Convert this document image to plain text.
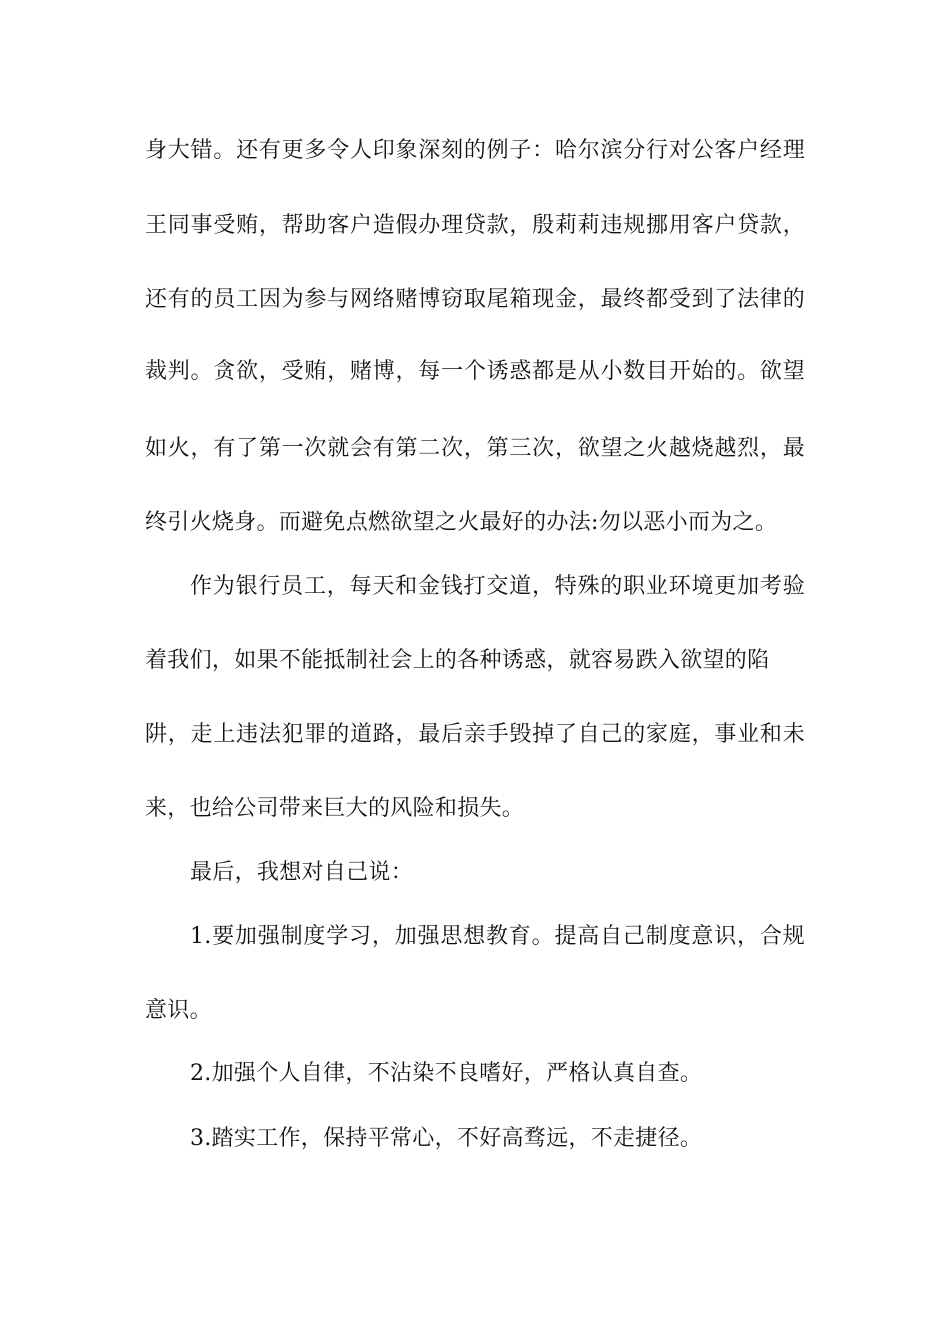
身大错。还有更多令人印象深刻的例子：哈尔滨分行对公客户经理
王同事受贿，帮助客户造假办理贷款，殷莉莉违规挪用客户贷款，
还有的员工因为参与网络赌博窃取尾箱现金，最终都受到了法律的
裁判。贪欲，受贿，赌博，每一个诱惑都是从小数目开始的。欲望
如火，有了第一次就会有第二次，第三次，欲望之火越烧越烈，最
终引火烧身。而避免点燃欲望之火最好的办法:勿以恶小而为之。
作为银行员工，每天和金钱打交道，特殊的职业环境更加考验
着我们，如果不能抵制社会上的各种诱惑，就容易跌入欲望的陷
阱，走上违法犯罪的道路，最后亲手毁掉了自己的家庭，事业和未
来，也给公司带来巨大的风险和损失。
最后，我想对自己说：
1.要加强制度学习，加强思想教育。提高自己制度意识，合规
意识。
2.加强个人自律，不沾染不良嗜好，严格认真自查。
3.踏实工作，保持平常心，不好高骛远，不走捷径。
